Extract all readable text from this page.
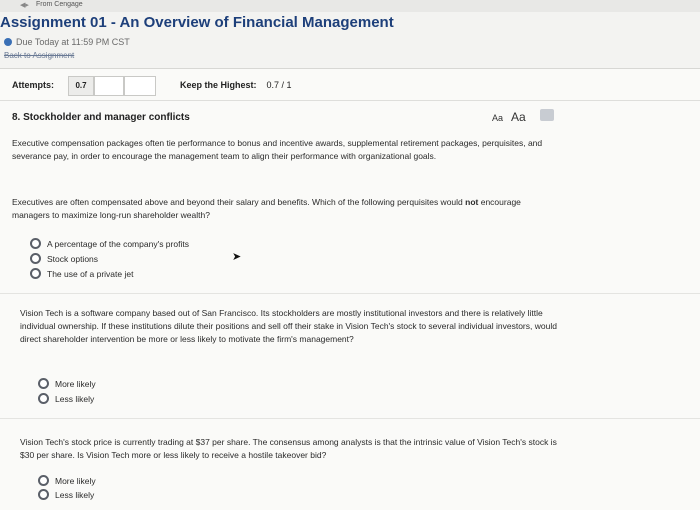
◀▸ From Cengage
Assignment 01 - An Overview of Financial Management
Due Today at 11:59 PM CST
Back to Assignment
Attempts:	0.7	Keep the Highest: 0.7 / 1
8. Stockholder and manager conflicts	Aa Aa
Executive compensation packages often tie performance to bonus and incentive awards, supplemental retirement packages, perquisites, and severance pay, in order to encourage the management team to align their performance with organizational goals.
Executives are often compensated above and beyond their salary and benefits. Which of the following perquisites would not encourage managers to maximize long-run shareholder wealth?
A percentage of the company's profits
Stock options
The use of a private jet
➤
Vision Tech is a software company based out of San Francisco. Its stockholders are mostly institutional investors and there is relatively little individual ownership. If these institutions dilute their positions and sell off their stake in Vision Tech's stock to several individual investors, would direct shareholder intervention be more or less likely to motivate the firm's management?
More likely
Less likely
Vision Tech's stock price is currently trading at $37 per share. The consensus among analysts is that the intrinsic value of Vision Tech's stock is $30 per share. Is Vision Tech more or less likely to receive a hostile takeover bid?
More likely
Less likely
